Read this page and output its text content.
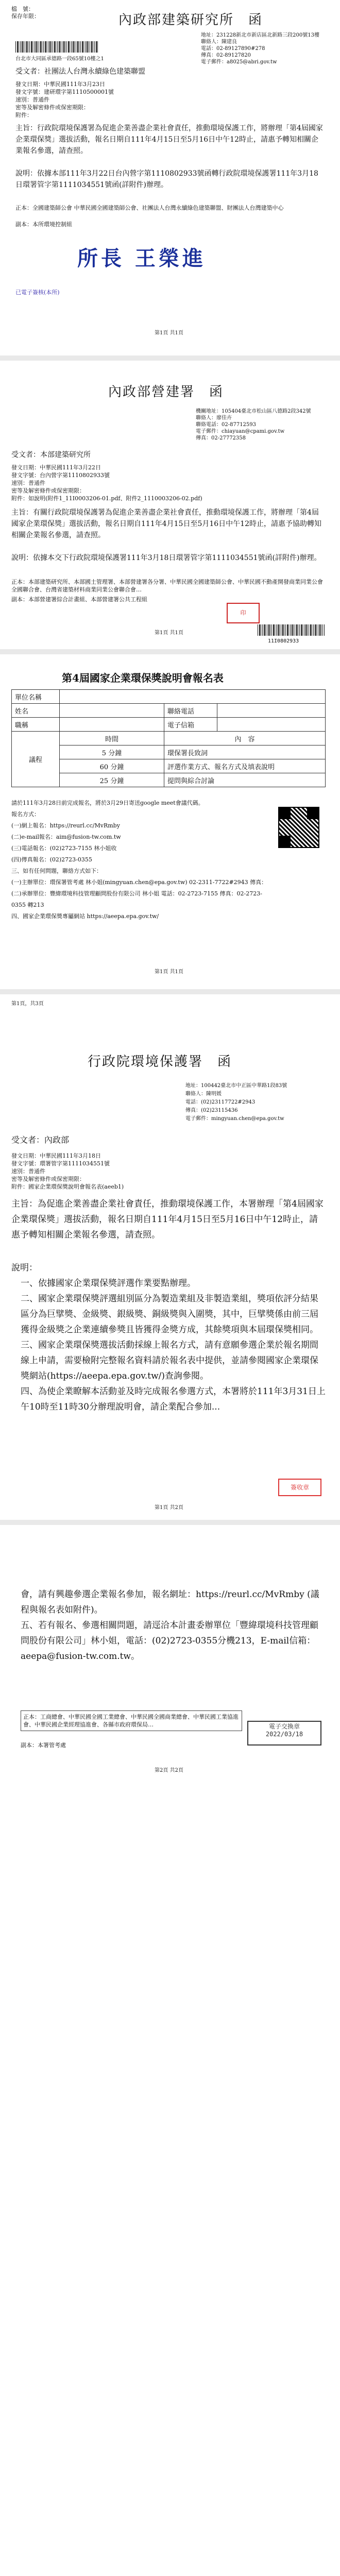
檔　號：
保存年限：	內政部建築研究所　函
地址：231228新北市新店區北新路三段200號13樓
聯絡人：陳建良
電話：02-89127890#278
傳真：02-89127820
電子郵件：a8025@abri.gov.tw
台北市大同區承德路一段65號10樓之1
受文者：社團法人台灣永續綠色建築聯盟
發文日期：中華民國111年3月23日
發文字號：建研環字第1110500001號
速別：普通件
密等及解密條件或保密期限：
附件：
主旨：行政院環境保護署為促進企業善盡企業社會責任，推動環境保護工作，將辦理「第4屆國家企業環保獎」選拔活動，報名日期自111年4月15日至5月16日中午12時止，請惠予轉知相關企業報名參選，請查照。
說明：依據本部111年3月22日台內營字第1110802933號函轉行政院環境保護署111年3月18日環署管字第1111034551號函(詳附件)辦理。
正本：全國建築師公會 中華民國全國建築師公會、社團法人台灣永續綠色建築聯盟、財團法人台灣建築中心
副本：本所環境控制組
所長 王榮進
已電子簽核(本所)
第1頁 共1頁
內政部營建署　函
機關地址：105404臺北市松山區八德路2段342號
聯絡人：廖佳卉
聯絡電話：02-87712593
電子郵件：chiayuan@cpami.gov.tw
傳真：02-27772358
受文者：本部建築研究所
發文日期：中華民國111年3月22日
發文字號：台內營字第1110802933號
速別：普通件
密等及解密條件或保密期限：
附件：如說明(附件1_11I0003206-01.pdf、附件2_1110003206-02.pdf)
主旨：有關行政院環境保護署為促進企業善盡企業社會責任，推動環境保護工作，將辦理「第4屆國家企業環保獎」選拔活動，報名日期自111年4月15日至5月16日中午12時止，請惠予協助轉知相關企業報名參選，請查照。
說明：依據本交下行政院環境保護署111年3月18日環署管字第1111034551號函(詳附件)辦理。
正本：本部建築研究所、本部國土管理署、本部營建署各分署、中華民國全國建築師公會、中華民國不動產開發商業同業公會全國聯合會、台灣省建築材料商業同業公會聯合會…
副本：本部營建署綜合計畫組、本部營建署公共工程組
印
第1頁 共1頁
11I0802933
第4屆國家企業環保獎說明會報名表
單位名稱			
姓名		聯絡電話	
職稱		電子信箱	
議程	時間	內　容	
	5 分鐘	環保署長致詞	
	60 分鐘	評選作業方式、報名方式及填表說明	
	25 分鐘	提問與綜合討論	
請於111年3月28日前完成報名，將於3月29日寄送google meet會議代碼。
報名方式：
(一)網上報名：https://reurl.cc/MvRmby
(二)e-mail報名：aim@fusion-tw.com.tw
(三)電話報名：(02)2723-7155 林小姐收
(四)傳真報名：(02)2723-0355
三、如有任何問題，聯絡方式如下：
(一)主辦單位：環保署管考處 林小姐(mingyuan.chen@epa.gov.tw) 02-2311-7722#2943 傳真：
(二)承辦單位：豐緯環境科技管理顧問股份有限公司 林小姐 電話：02-2723-7155 傳真：02-2723-0355 轉213
四、國家企業環保獎專屬網站 https://aeepa.epa.gov.tw/
第1頁 共1頁
第1頁，共3頁
行政院環境保護署　函
地址：100442臺北市中正區中華路1段83號
聯絡人：陳明媛
電話：(02)23117722#2943
傳真：(02)23115436
電子郵件：mingyuan.chen@epa.gov.tw
受文者：內政部
發文日期：中華民國111年3月18日
發文字號：環署管字第1111034551號
速別：普通件
密等及解密條件或保密期限：
附件：國家企業環保獎說明會報名表(aeeb1)
主旨：為促進企業善盡企業社會責任，推動環境保護工作，本署辦理「第4屆國家企業環保獎」選拔活動，報名日期自111年4月15日至5月16日中午12時止，請惠予轉知相關企業報名參選，請查照。
說明：
一、依據國家企業環保獎評選作業要點辦理。
二、國家企業環保獎評選組別區分為製造業組及非製造業組，獎項依評分結果區分為巨擘獎、金級獎、銀級獎、銅級獎與入圍獎，其中，巨擘獎係由前三屆獲得金級獎之企業連續參獎且皆獲得金獎方成，其餘獎項與本屆環保獎相同。
三、國家企業環保獎選拔活動採線上報名方式，請有意願參選企業於報名期間線上申請，需要檢附完整報名資料請於報名表中提供，並請參閱國家企業環保獎網站(https://aeepa.epa.gov.tw/)查詢參閱。
四、為使企業瞭解本活動並及時完成報名參選方式，本署將於111年3月31日上午10時至11時30分辦理說明會，請企業配合參加...
簽收章
第1頁 共2頁
會，請有興趣參選企業報名參加，報名網址：https://reurl.cc/MvRmby (議程與報名表如附件)。
五、若有報名、參選相關問題，請逕洽本計畫委辦單位「豐緯環境科技管理顧問股份有限公司」林小姐，電話：(02)2723-0355分機213，E-mail信箱：aeepa@fusion-tw.com.tw。
正本：工商總會、中華民國全國工業總會、中華民國全國商業總會、中華民國工業協進會、中華民國企業經理協進會、各縣市政府環保局…
副本：本署管考處
電子交換章
2022/03/18
第2頁 共2頁
